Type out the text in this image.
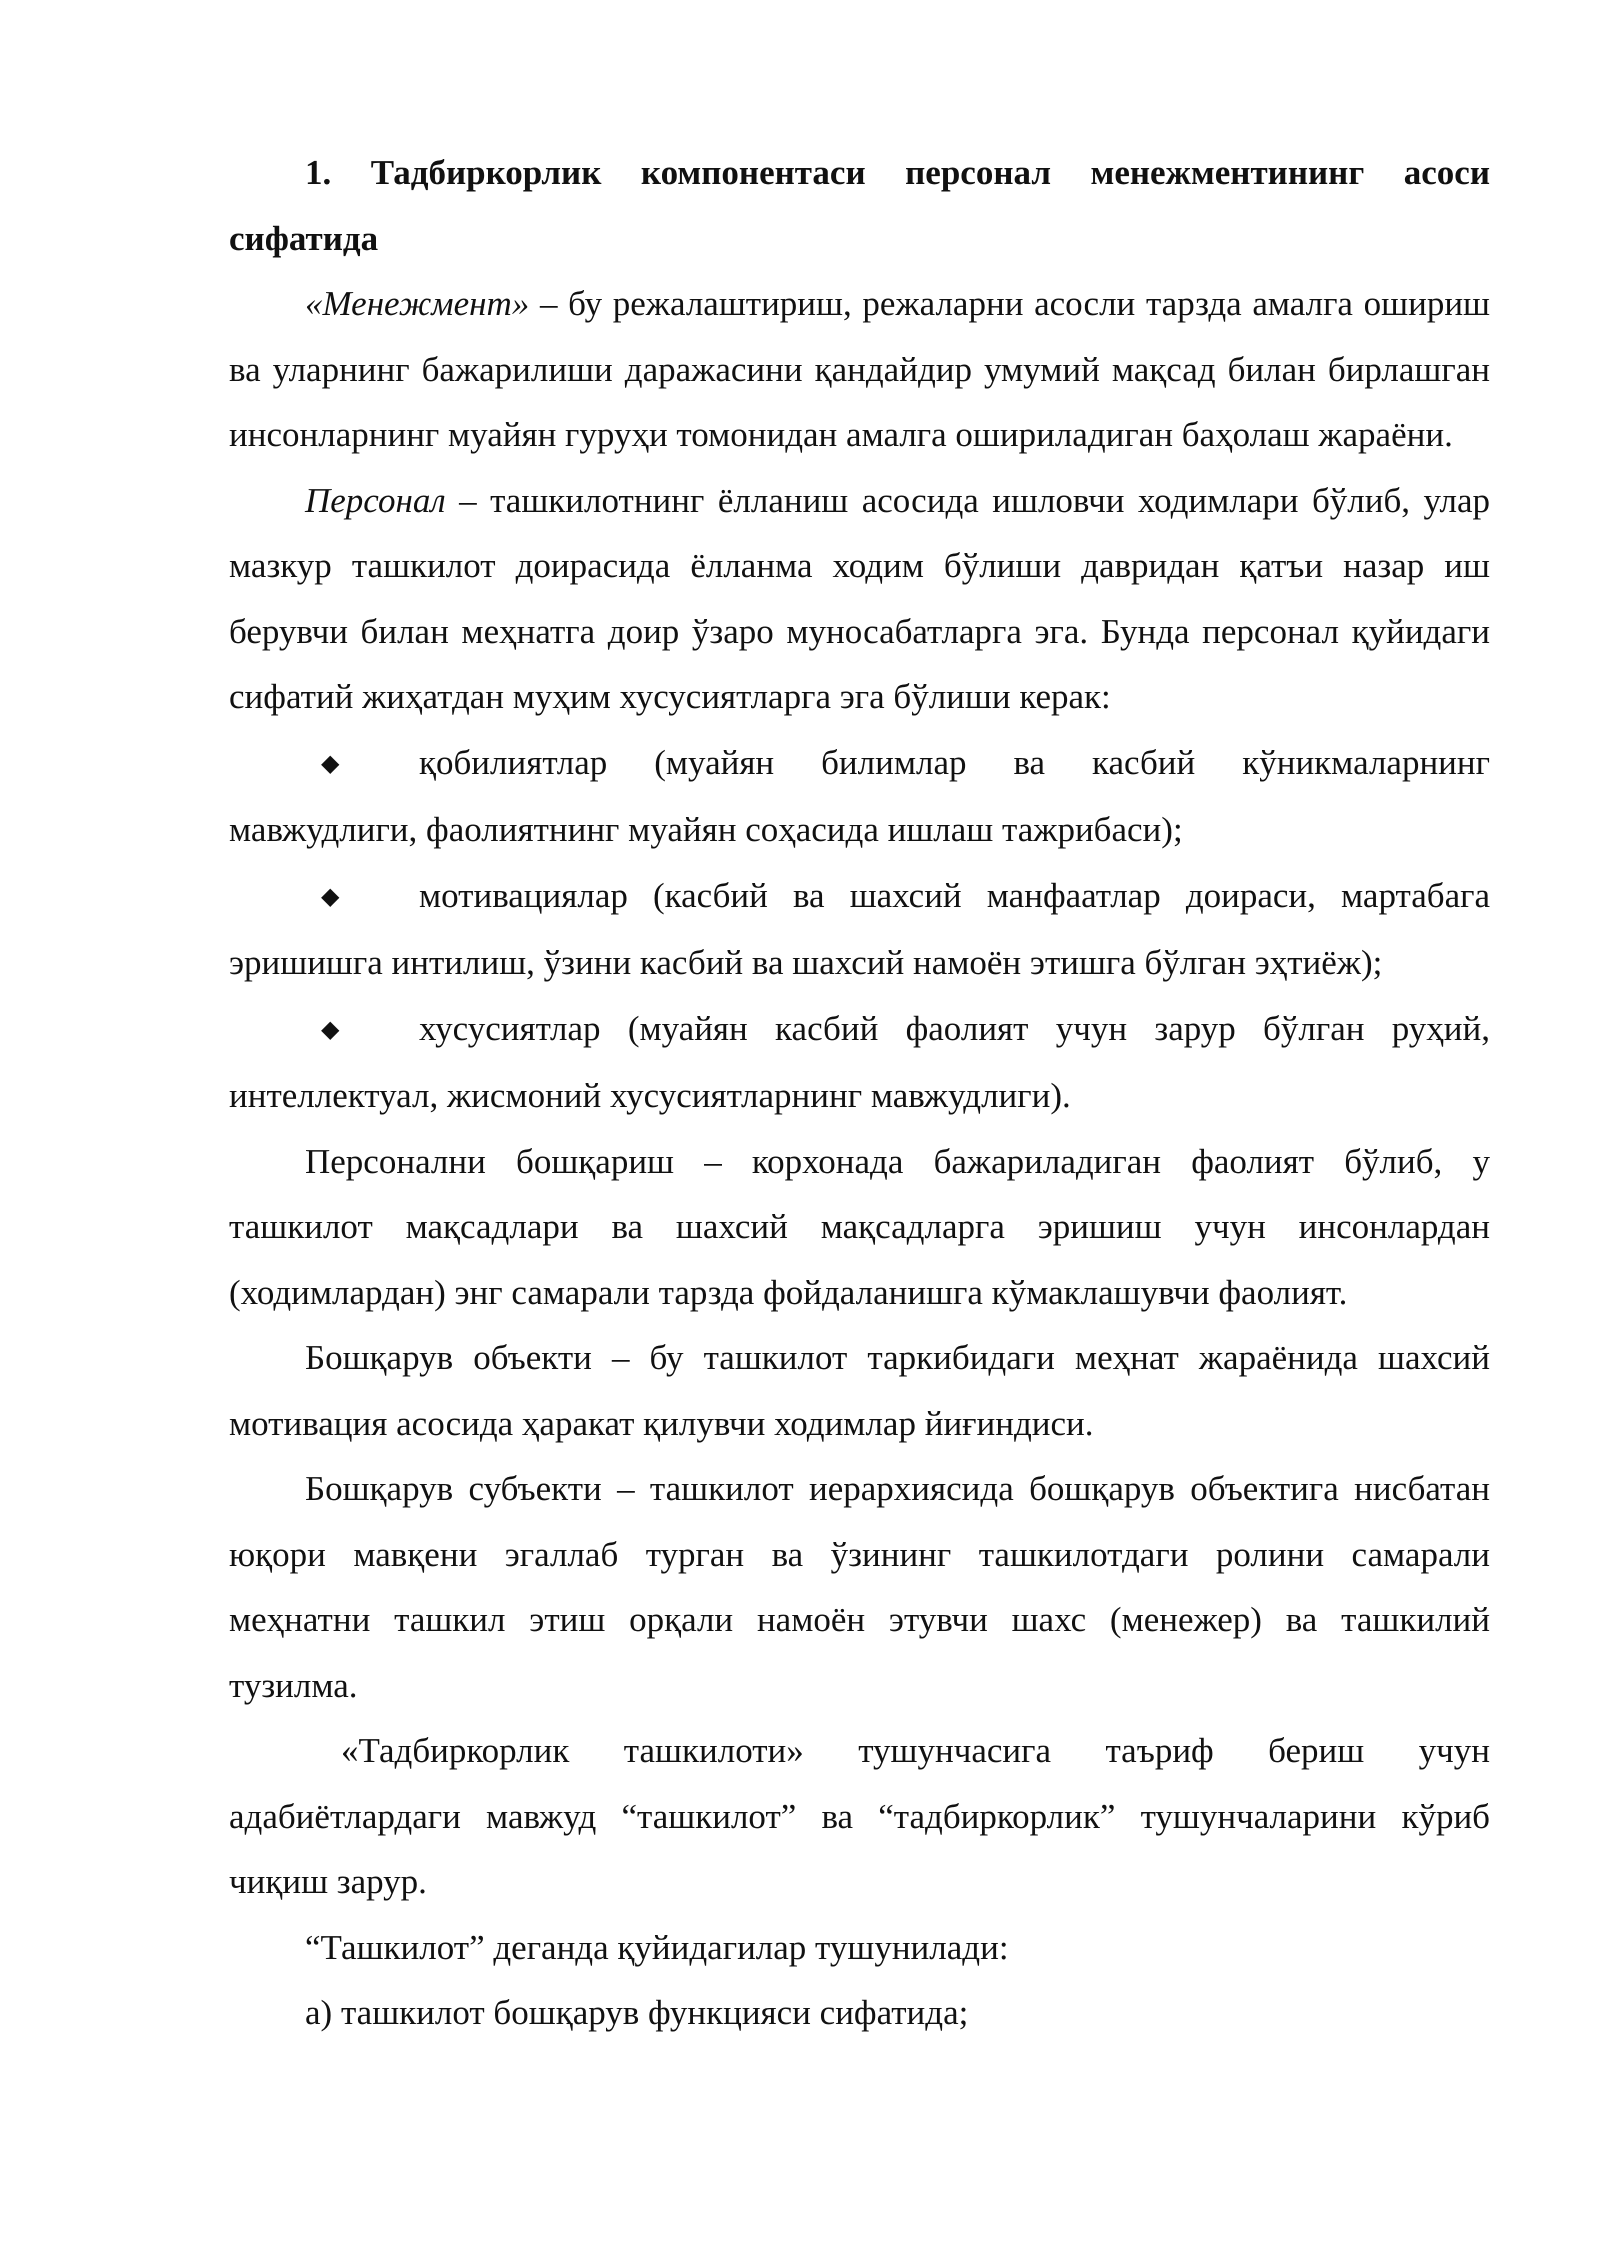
1. Тадбиркорлик компонентаси персонал менежментининг асоси сифатида

«Менежмент» – бу режалаштириш, режаларни асосли тарзда амалга ошириш ва уларнинг бажарилиши даражасини қандайдир умумий мақсад билан бирлашган инсонларнинг муайян гуруҳи томонидан амалга ошириладиган баҳолаш жараёни.

Персонал – ташкилотнинг ёлланиш асосида ишловчи ходимлари бўлиб, улар мазкур ташкилот доирасида ёлланма ходим бўлиши давридан қатъи назар иш берувчи билан меҳнатга доир ўзаро муносабатларга эга. Бунда персонал қуйидаги сифатий жиҳатдан муҳим хусусиятларга эга бўлиши керак:

◆ қобилиятлар (муайян билимлар ва касбий кўникмаларнинг мавжудлиги, фаолиятнинг муайян соҳасида ишлаш тажрибаси);

◆ мотивациялар (касбий ва шахсий манфаатлар доираси, мартабага эришишга интилиш, ўзини касбий ва шахсий намоён этишга бўлган эҳтиёж);

◆ хусусиятлар (муайян касбий фаолият учун зарур бўлган руҳий, интеллектуал, жисмоний хусусиятларнинг мавжудлиги).

Персонални бошқариш – корхонада бажариладиган фаолият бўлиб, у ташкилот мақсадлари ва шахсий мақсадларга эришиш учун инсонлардан (ходимлардан) энг самарали тарзда фойдаланишга кўмаклашувчи фаолият.

Бошқарув объекти – бу ташкилот таркибидаги меҳнат жараёнида шахсий мотивация асосида ҳаракат қилувчи ходимлар йиғиндиси.

Бошқарув субъекти – ташкилот иерархиясида бошқарув объектига нисбатан юқори мавқени эгаллаб турган ва ўзининг ташкилотдаги ролини самарали меҳнатни ташкил этиш орқали намоён этувчи шахс (менежер) ва ташкилий тузилма.

«Тадбиркорлик ташкилоти» тушунчасига таъриф бериш учун адабиётлардаги мавжуд “ташкилот” ва “тадбиркорлик” тушунчаларини кўриб чиқиш зарур.

“Ташкилот” деганда қуйидагилар тушунилади:

а) ташкилот бошқарув функцияси сифатида;
